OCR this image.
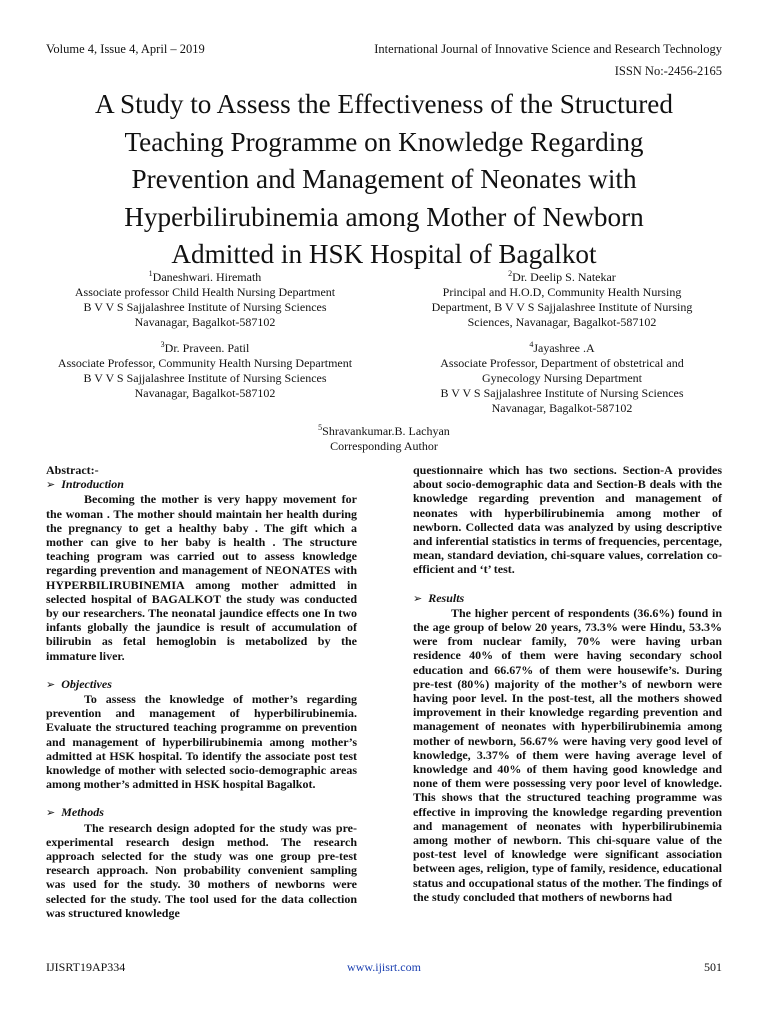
Volume 4, Issue 4, April – 2019	International Journal of Innovative Science and Research Technology
ISSN No:-2456-2165
A Study to Assess the Effectiveness of the Structured
Teaching Programme on Knowledge Regarding
Prevention and Management of Neonates with
Hyperbilirubinemia among Mother of Newborn
Admitted in HSK Hospital of Bagalkot

$^1$Daneshwari. Hiremath

Associate professor Child Health Nursing Department

B V V S Sajjalashree Institute of Nursing Sciences

Navanagar, Bagalkot-587102

$^2$Dr. Deelip S. Natekar

Principal and H.O.D, Community Health Nursing

Department, B V V S Sajjalashree Institute of Nursing

Sciences, Navanagar, Bagalkot-587102

$^3$Dr. Praveen. Patil

Associate Professor, Community Health Nursing Department

B V V S Sajjalashree Institute of Nursing Sciences

Navanagar, Bagalkot-587102

$^4$Jayashree .A

Associate Professor, Department of obstetrical and

Gynecology Nursing Department

B V V S Sajjalashree Institute of Nursing Sciences

Navanagar, Bagalkot-587102

$^5$Shravankumar.B. Lachyan

Corresponding Author

Abstract:-

➢ Introduction

Becoming the mother is very happy movement for the woman . The mother should maintain her health during the pregnancy to get a healthy baby . The gift which a mother can give to her baby is health . The structure teaching program was carried out to assess knowledge regarding prevention and management of NEONATES with HYPERBILIRUBINEMIA among mother admitted in selected hospital of BAGALKOT the study was conducted by our researchers. The neonatal jaundice effects one In two infants globally the jaundice is result of accumulation of bilirubin as fetal hemoglobin is metabolized by the immature liver.

➢ Objectives

To assess the knowledge of mother’s regarding prevention and management of hyperbilirubinemia. Evaluate the structured teaching programme on prevention and management of hyperbilirubinemia among mother’s admitted at HSK hospital. To identify the associate post test knowledge of mother with selected socio-demographic areas among mother’s admitted in HSK hospital Bagalkot.

➢ Methods

The research design adopted for the study was pre-experimental research design method. The research approach selected for the study was one group pre-test research approach. Non probability convenient sampling was used for the study. 30 mothers of newborns were selected for the study. The tool used for the data collection was structured knowledge

questionnaire which has two sections. Section-A provides about socio-demographic data and Section-B deals with the knowledge regarding prevention and management of neonates with hyperbilirubinemia among mother of newborn. Collected data was analyzed by using descriptive and inferential statistics in terms of frequencies, percentage, mean, standard deviation, chi-square values, correlation co-efficient and ‘t’ test.

➢ Results

The higher percent of respondents (36.6%) found in the age group of below 20 years, 73.3% were Hindu, 53.3% were from nuclear family, 70% were having urban residence 40% of them were having secondary school education and 66.67% of them were housewife’s. During pre-test (80%) majority of the mother’s of newborn were having poor level. In the post-test, all the mothers showed improvement in their knowledge regarding prevention and management of neonates with hyperbilirubinemia among mother of newborn, 56.67% were having very good level of knowledge, 3.37% of them were having average level of knowledge and 40% of them having good knowledge and none of them were possessing very poor level of knowledge. This shows that the structured teaching programme was effective in improving the knowledge regarding prevention and management of neonates with hyperbilirubinemia among mother of newborn. This chi-square value of the post-test level of knowledge were significant association between ages, religion, type of family, residence, educational status and occupational status of the mother. The findings of the study concluded that mothers of newborns had

IJISRT19AP334	www.ijisrt.com	501
